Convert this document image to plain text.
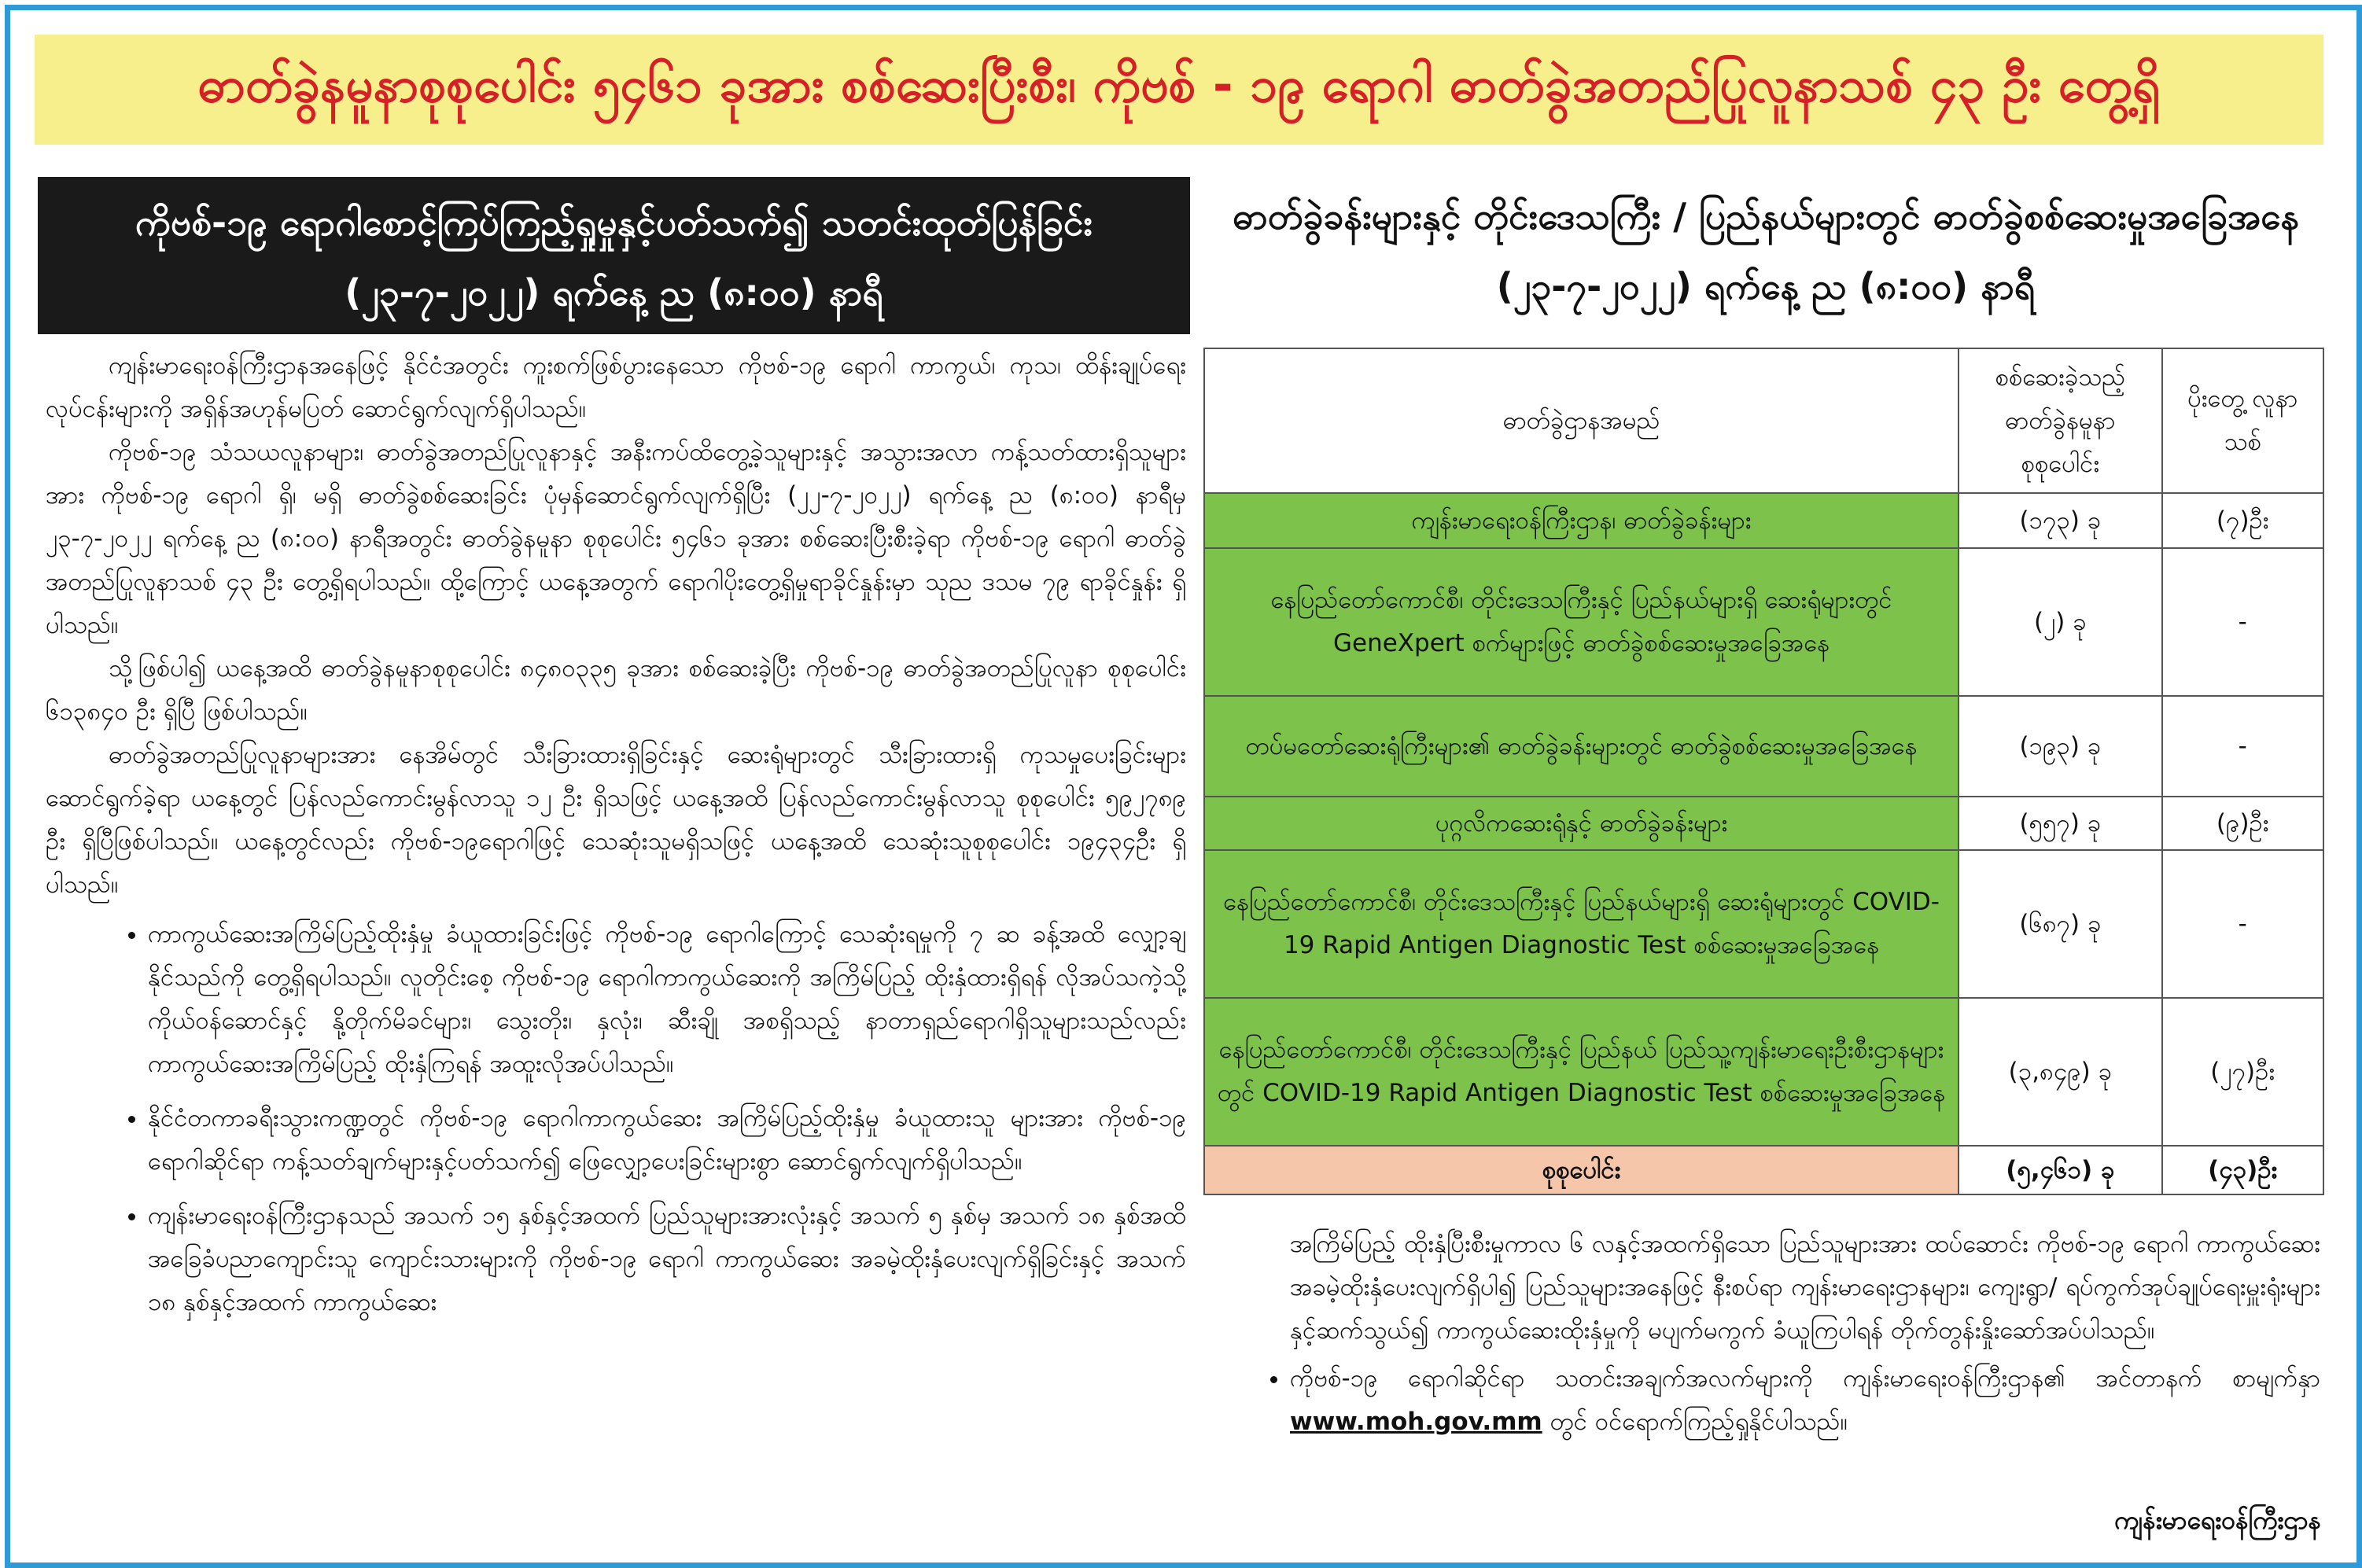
ဓာတ်ခွဲနမူနာစုစုပေါင်း ၅၄၆၁ ခုအား စစ်ဆေးပြီးစီး၊ ကိုဗစ် - ၁၉ ရောဂါ ဓာတ်ခွဲအတည်ပြုလူနာသစ် ၄၃ ဦး တွေ့ရှိ
ကိုဗစ်-၁၉ ရောဂါစောင့်ကြပ်ကြည့်ရှုမှုနှင့်ပတ်သက်၍ သတင်းထုတ်ပြန်ခြင်း
(၂၃-၇-၂၀၂၂) ရက်နေ့ ည (၈:၀၀) နာရီ
ဓာတ်ခွဲခန်းများနှင့် တိုင်းဒေသကြီး / ပြည်နယ်များတွင် ဓာတ်ခွဲစစ်ဆေးမှုအခြေအနေ
(၂၃-၇-၂၀၂၂) ရက်နေ့ ည (၈:၀၀) နာရီ

ကျန်းမာရေးဝန်ကြီးဌာနအနေဖြင့် နိုင်ငံအတွင်း ကူးစက်ဖြစ်ပွားနေသော ကိုဗစ်-၁၉ ရောဂါ ကာကွယ်၊ ကုသ၊ ထိန်းချုပ်ရေးလုပ်ငန်းများကို အရှိန်အဟုန်မပြတ် ဆောင်ရွက်လျက်ရှိပါသည်။

ကိုဗစ်-၁၉ သံသယလူနာများ၊ ဓာတ်ခွဲအတည်ပြုလူနာနှင့် အနီးကပ်ထိတွေ့ခဲ့သူများနှင့် အသွားအလာ ကန့်သတ်ထားရှိသူများအား ကိုဗစ်-၁၉ ရောဂါ ရှိ၊ မရှိ ဓာတ်ခွဲစစ်ဆေးခြင်း ပုံမှန်ဆောင်ရွက်လျက်ရှိပြီး (၂၂-၇-၂၀၂၂) ရက်နေ့ ည (၈:၀၀) နာရီမှ ၂၃-၇-၂၀၂၂ ရက်နေ့ ည (၈:၀၀) နာရီအတွင်း ဓာတ်ခွဲနမူနာ စုစုပေါင်း ၅၄၆၁ ခုအား စစ်ဆေးပြီးစီးခဲ့ရာ ကိုဗစ်-၁၉ ရောဂါ ဓာတ်ခွဲအတည်ပြုလူနာသစ် ၄၃ ဦး တွေ့ရှိရပါသည်။ ထို့ကြောင့် ယနေ့အတွက် ရောဂါပိုးတွေ့ရှိမှုရာခိုင်နှုန်းမှာ သုည ဒသမ ၇၉ ရာခိုင်နှုန်း ရှိပါသည်။

သို့ဖြစ်ပါ၍ ယနေ့အထိ ဓာတ်ခွဲနမူနာစုစုပေါင်း ၈၄၈၀၃၃၅ ခုအား စစ်ဆေးခဲ့ပြီး ကိုဗစ်-၁၉ ဓာတ်ခွဲအတည်ပြုလူနာ စုစုပေါင်း ၆၁၃၈၄၀ ဦး ရှိပြီ ဖြစ်ပါသည်။

ဓာတ်ခွဲအတည်ပြုလူနာများအား နေအိမ်တွင် သီးခြားထားရှိခြင်းနှင့် ဆေးရုံများတွင် သီးခြားထားရှိ ကုသမှုပေးခြင်းများဆောင်ရွက်ခဲ့ရာ ယနေ့တွင် ပြန်လည်ကောင်းမွန်လာသူ ၁၂ ဦး ရှိသဖြင့် ယနေ့အထိ ပြန်လည်ကောင်းမွန်လာသူ စုစုပေါင်း ၅၉၂၇၈၉ ဦး ရှိပြီဖြစ်ပါသည်။ ယနေ့တွင်လည်း ကိုဗစ်-၁၉ရောဂါဖြင့် သေဆုံးသူမရှိသဖြင့် ယနေ့အထိ သေဆုံးသူစုစုပေါင်း ၁၉၄၃၄ဦး ရှိပါသည်။

• ကာကွယ်ဆေးအကြိမ်ပြည့်ထိုးနှံမှု ခံယူထားခြင်းဖြင့် ကိုဗစ်-၁၉ ရောဂါကြောင့် သေဆုံးရမှုကို ၇ ဆ ခန့်အထိ လျှော့ချနိုင်သည်ကို တွေ့ရှိရပါသည်။ လူတိုင်းစေ့ ကိုဗစ်-၁၉ ရောဂါကာကွယ်ဆေးကို အကြိမ်ပြည့် ထိုးနှံထားရှိရန် လိုအပ်သကဲ့သို့ ကိုယ်ဝန်ဆောင်နှင့် နို့တိုက်မိခင်များ၊ သွေးတိုး၊ နှလုံး၊ ဆီးချို အစရှိသည့် နာတာရှည်ရောဂါရှိသူများသည်လည်း ကာကွယ်ဆေးအကြိမ်ပြည့် ထိုးနှံကြရန် အထူးလိုအပ်ပါသည်။
• နိုင်ငံတကာခရီးသွားကဏ္ဍတွင် ကိုဗစ်-၁၉ ရောဂါကာကွယ်ဆေး အကြိမ်ပြည့်ထိုးနှံမှု ခံယူထားသူ များအား ကိုဗစ်-၁၉ ရောဂါဆိုင်ရာ ကန့်သတ်ချက်များနှင့်ပတ်သက်၍ ဖြေလျှော့ပေးခြင်းများစွာ ဆောင်ရွက်လျက်ရှိပါသည်။
• ကျန်းမာရေးဝန်ကြီးဌာနသည် အသက် ၁၅ နှစ်နှင့်အထက် ပြည်သူများအားလုံးနှင့် အသက် ၅ နှစ်မှ အသက် ၁၈ နှစ်အထိ အခြေခံပညာကျောင်းသူ ကျောင်းသားများကို ကိုဗစ်-၁၉ ရောဂါ ကာကွယ်ဆေး အခမဲ့ထိုးနှံပေးလျက်ရှိခြင်းနှင့် အသက် ၁၈ နှစ်နှင့်အထက် ကာကွယ်ဆေး
ဓာတ်ခွဲဌာနအမည်	စစ်ဆေးခဲ့သည့် ဓာတ်ခွဲနမူနာ စုစုပေါင်း	ပိုးတွေ့ လူနာသစ်
ကျန်းမာရေးဝန်ကြီးဌာန၊ ဓာတ်ခွဲခန်းများ	(၁၇၃) ခု	(၇)ဦး
နေပြည်တော်ကောင်စီ၊ တိုင်းဒေသကြီးနှင့် ပြည်နယ်များရှိ ဆေးရုံများတွင် GeneXpert စက်များဖြင့် ဓာတ်ခွဲစစ်ဆေးမှုအခြေအနေ	(၂) ခု	-
တပ်မတော်ဆေးရုံကြီးများ၏ ဓာတ်ခွဲခန်းများတွင် ဓာတ်ခွဲစစ်ဆေးမှုအခြေအနေ	(၁၉၃) ခု	-
ပုဂ္ဂလိကဆေးရုံနှင့် ဓာတ်ခွဲခန်းများ	(၅၅၇) ခု	(၉)ဦး
နေပြည်တော်ကောင်စီ၊ တိုင်းဒေသကြီးနှင့် ပြည်နယ်များရှိ ဆေးရုံများတွင် COVID-19 Rapid Antigen Diagnostic Test စစ်ဆေးမှုအခြေအနေ	(၆၈၇) ခု	-
နေပြည်တော်ကောင်စီ၊ တိုင်းဒေသကြီးနှင့် ပြည်နယ် ပြည်သူ့ကျန်းမာရေးဦးစီးဌာနများတွင် COVID-19 Rapid Antigen Diagnostic Test စစ်ဆေးမှုအခြေအနေ	(၃,၈၄၉) ခု	(၂၇)ဦး
စုစုပေါင်း	(၅,၄၆၁) ခု	(၄၃)ဦး

အကြိမ်ပြည့် ထိုးနှံပြီးစီးမှုကာလ ၆ လနှင့်အထက်ရှိသော ပြည်သူများအား ထပ်ဆောင်း ကိုဗစ်-၁၉ ရောဂါ ကာကွယ်ဆေး အခမဲ့ထိုးနှံပေးလျက်ရှိပါ၍ ပြည်သူများအနေဖြင့် နီးစပ်ရာ ကျန်းမာရေးဌာနများ၊ ကျေးရွာ/ ရပ်ကွက်အုပ်ချုပ်ရေးမှူးရုံးများနှင့်ဆက်သွယ်၍ ကာကွယ်ဆေးထိုးနှံမှုကို မပျက်မကွက် ခံယူကြပါရန် တိုက်တွန်းနှိုးဆော်အပ်ပါသည်။

• ကိုဗစ်-၁၉ ရောဂါဆိုင်ရာ သတင်းအချက်အလက်များကို ကျန်းမာရေးဝန်ကြီးဌာန၏ အင်တာနက် စာမျက်နှာ www.moh.gov.mm တွင် ဝင်ရောက်ကြည့်ရှုနိုင်ပါသည်။
ကျန်းမာရေးဝန်ကြီးဌာန
